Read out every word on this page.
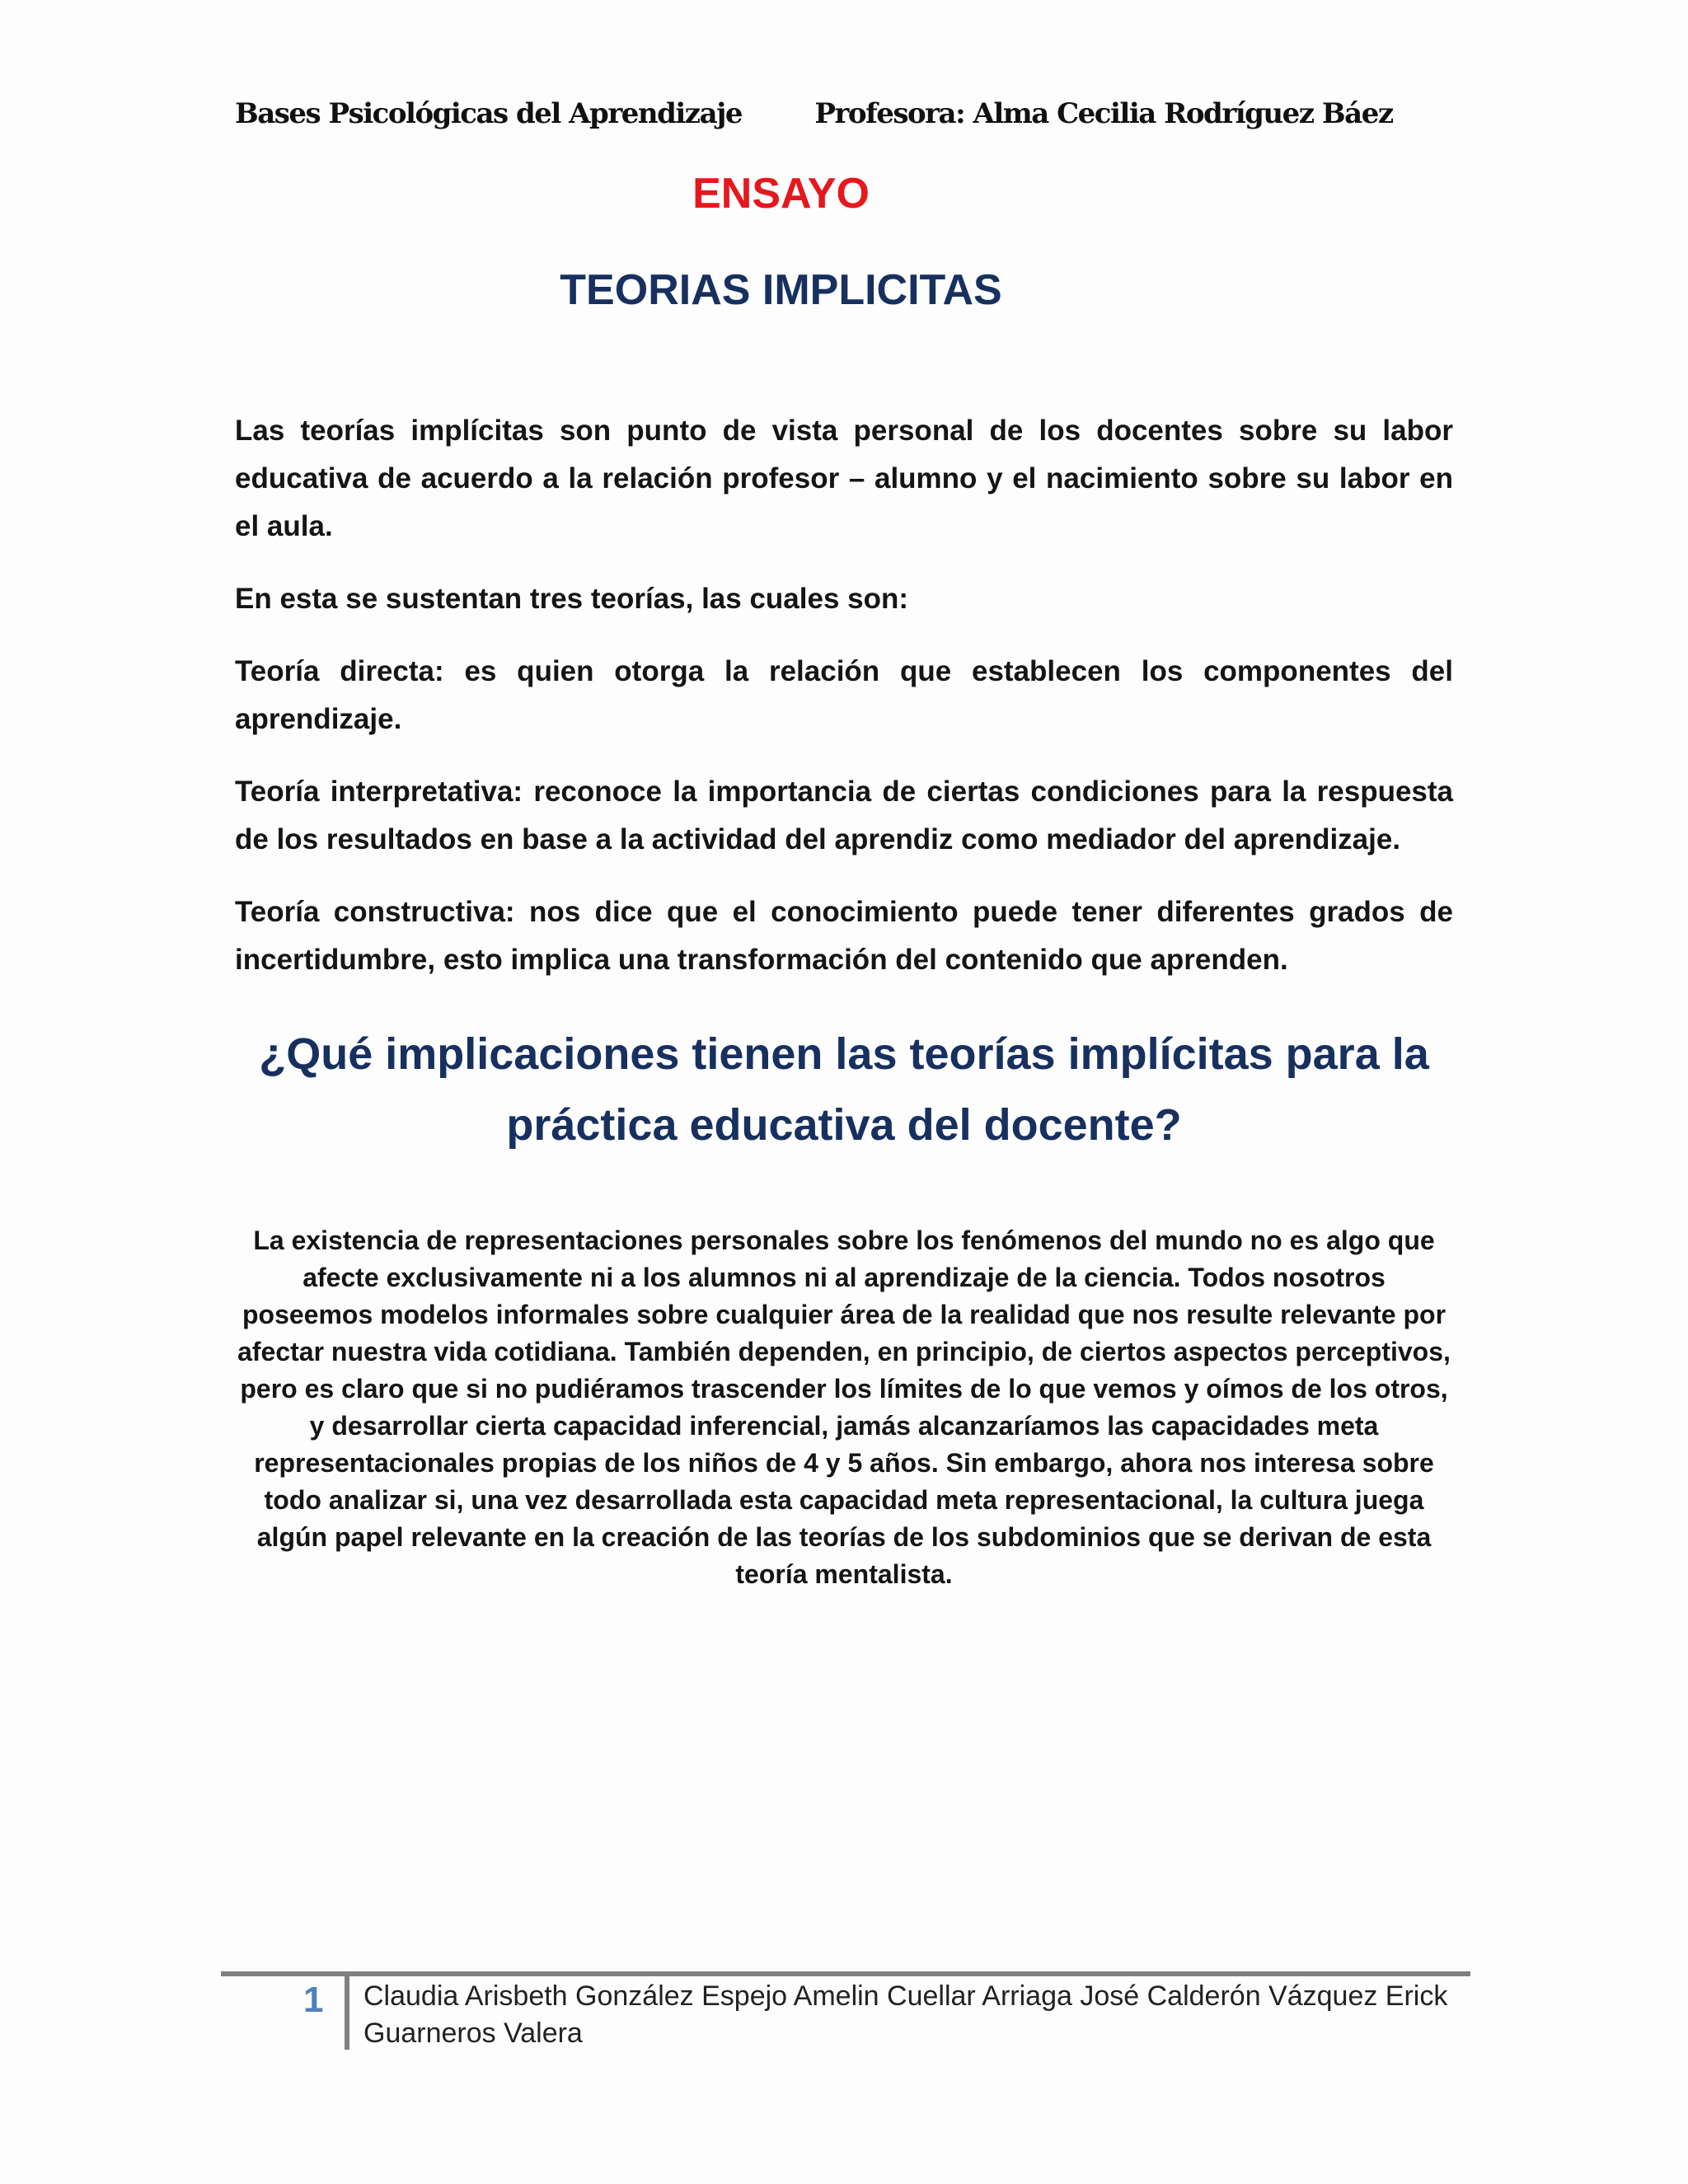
Bases Psicológicas del Aprendizaje	Profesora: Alma Cecilia Rodríguez Báez
ENSAYO
TEORIAS IMPLICITAS

Las teorías implícitas son punto de vista personal de los docentes sobre su labor educativa de acuerdo a la relación profesor – alumno y el nacimiento sobre su labor en el aula.

En esta se sustentan tres teorías, las cuales son:

Teoría directa: es quien otorga la relación que establecen los componentes del aprendizaje.

Teoría interpretativa: reconoce la importancia de ciertas condiciones para la respuesta de los resultados en base a la actividad del aprendiz como mediador del aprendizaje.

Teoría constructiva: nos dice que el conocimiento puede tener diferentes grados de incertidumbre, esto implica una transformación del contenido que aprenden.

¿Qué implicaciones tienen las teorías implícitas para la práctica educativa del docente?
La existencia de representaciones personales sobre los fenómenos del mundo no es algo que afecte exclusivamente ni a los alumnos ni al aprendizaje de la ciencia. Todos nosotros poseemos modelos informales sobre cualquier área de la realidad que nos resulte relevante por afectar nuestra vida cotidiana. También dependen, en principio, de ciertos aspectos perceptivos, pero es claro que si no pudiéramos trascender los límites de lo que vemos y oímos de los otros, y desarrollar cierta capacidad inferencial, jamás alcanzaríamos las capacidades meta representacionales propias de los niños de 4 y 5 años. Sin embargo, ahora nos interesa sobre todo analizar si, una vez desarrollada esta capacidad meta representacional, la cultura juega algún papel relevante en la creación de las teorías de los subdominios que se derivan de esta teoría mentalista.
1 Claudia Arisbeth González Espejo Amelin Cuellar Arriaga José Calderón Vázquez Erick Guarneros Valera
